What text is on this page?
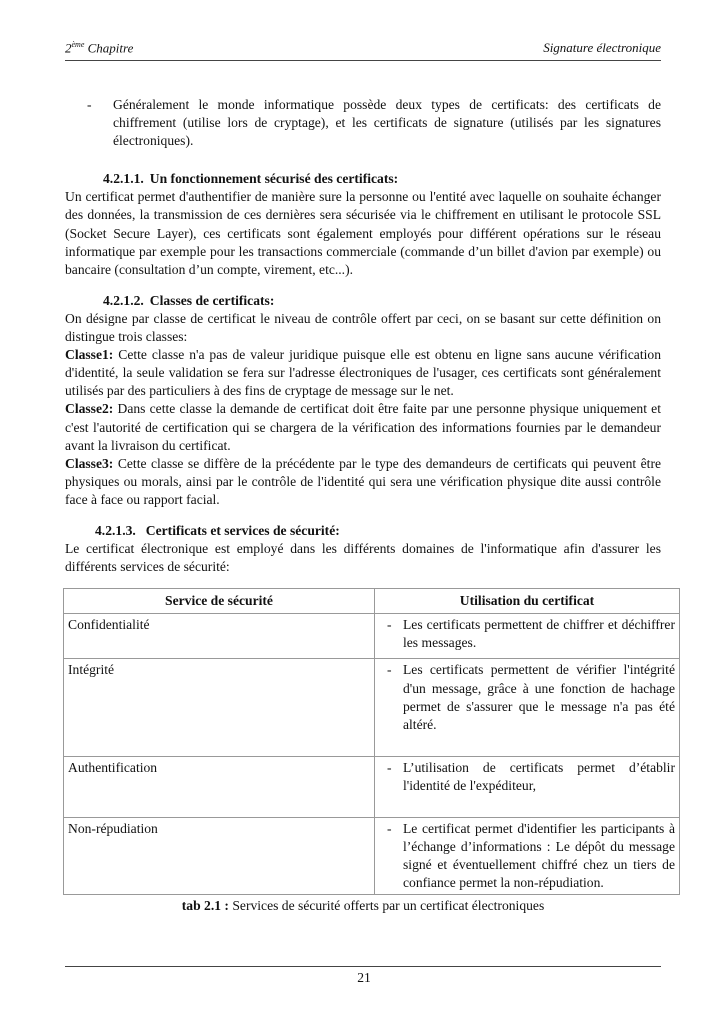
2ème Chapitre	Signature électronique
-	Généralement le monde informatique possède deux types de certificats: des certificats de chiffrement (utilise lors de cryptage), et les certificats de signature (utilisés par les signatures électroniques).
4.2.1.1. Un fonctionnement sécurisé des certificats:

Un certificat permet d'authentifier de manière sure la personne ou l'entité avec laquelle on souhaite échanger des données, la transmission de ces dernières sera sécurisée via le chiffrement en utilisant le protocole SSL (Socket Secure Layer), ces certificats sont également employés pour différent opérations sur le réseau informatique par exemple pour les transactions commerciale (commande d’un billet d'avion par exemple) ou bancaire (consultation d’un compte, virement, etc...).

4.2.1.2. Classes de certificats:

On désigne par classe de certificat le niveau de contrôle offert par ceci, on se basant sur cette définition on distingue trois classes:

Classe1: Cette classe n'a pas de valeur juridique puisque elle est obtenu en ligne sans aucune vérification d'identité, la seule validation se fera sur l'adresse électroniques de l'usager, ces certificats sont généralement utilisés par des particuliers à des fins de cryptage de message sur le net.

Classe2: Dans cette classe la demande de certificat doit être faite par une personne physique uniquement et c'est l'autorité de certification qui se chargera de la vérification des informations fournies par le demandeur avant la livraison du certificat.

Classe3: Cette classe se diffère de la précédente par le type des demandeurs de certificats qui peuvent être physiques ou morals, ainsi par le contrôle de l'identité qui sera une vérification physique dite aussi contrôle face à face ou rapport facial.

4.2.1.3. Certificats et services de sécurité:

Le certificat électronique est employé dans les différents domaines de l'informatique afin d'assurer les différents services de sécurité:

Service de sécurité	Utilisation du certificat
Confidentialité	- Les certificats permettent de chiffrer et déchiffrer les messages.

Intégrité	- Les certificats permettent de vérifier l'intégrité d'un message, grâce à une fonction de hachage permet de s'assurer que le message n'a pas été altéré.

Authentification	- L’utilisation de certificats permet d’établir l'identité de l'expéditeur,

Non-répudiation	- Le certificat permet d'identifier les participants à l’échange d’informations : Le dépôt du message signé et éventuellement chiffré chez un tiers de confiance permet la non-répudiation.
tab 2.1 : Services de sécurité offerts par un certificat électroniques
21
